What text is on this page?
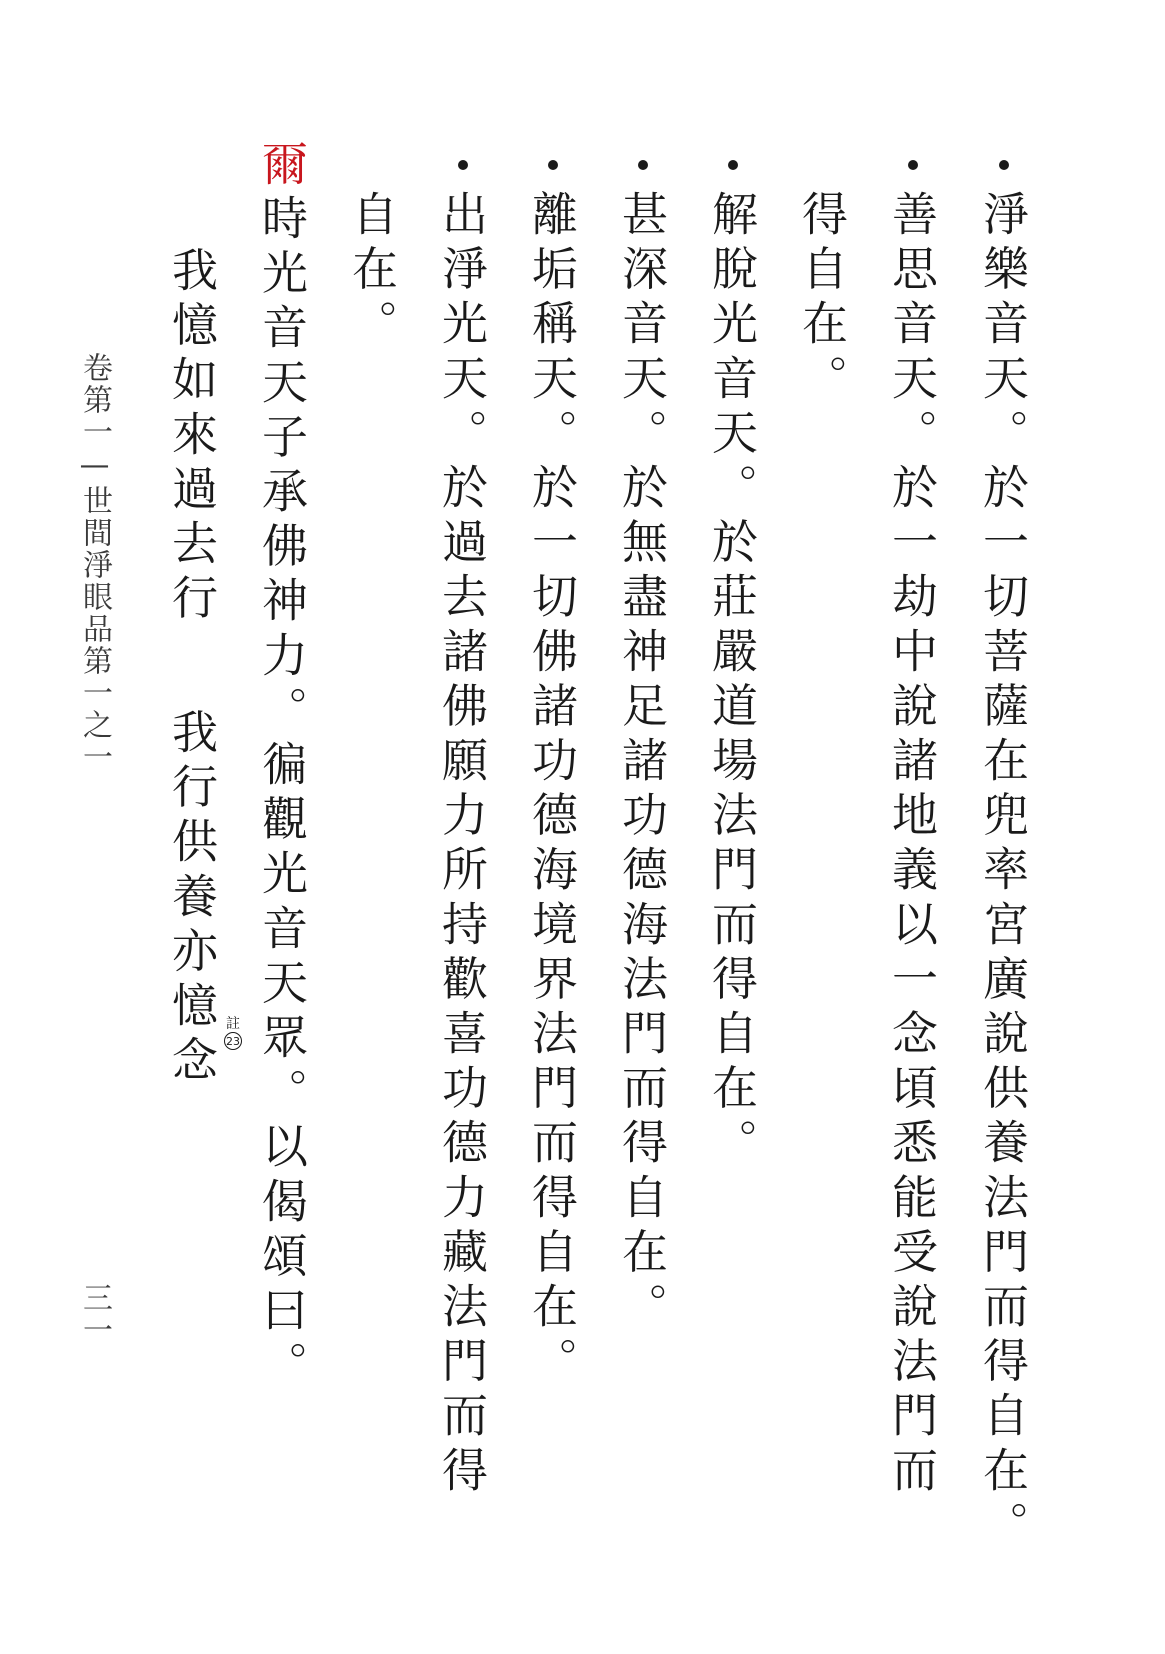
淨樂音天。於一切菩薩在兜率宮廣說供養法門而得自在。
善思音天。於一劫中說諸地義以一念頃悉能受說法門而
得自在。
解脫光音天。於莊嚴道場法門而得自在。
甚深音天。於無盡神足諸功德海法門而得自在。
離垢稱天。於一切佛諸功德海境界法門而得自在。
出淨光天。於過去諸佛願力所持歡喜功德力藏法門而得
自在。
爾
時光音天子承佛神力。徧觀光音天眾。以偈頌曰。
我憶如來過去行
我行供養亦憶念 註
23
卷第一—世間淨眼品第一之一
三一
